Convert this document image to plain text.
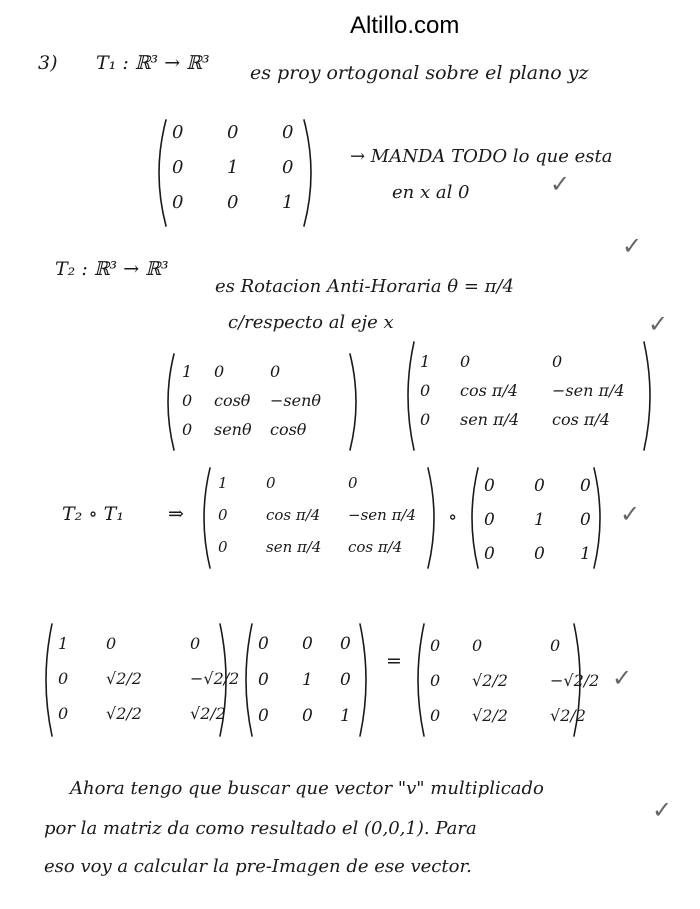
Altillo.com
3) T₁ : ℝ³ → ℝ³ es proy ortogonal sobre el plano yz
0	0	0
0	1	0
0	0	1
→ MANDA TODO lo que esta
en x al 0	✓
✓
T₂ : ℝ³ → ℝ³
es Rotacion Anti-Horaria θ = π/4
c/respecto al eje x	✓
1	0	0
0	cosθ	−senθ
0	senθ	cosθ
1	0	0
0	cos π/4	−sen π/4
0	sen π/4	cos π/4
T₂ ∘ T₁ ⇒
1	0	0
0	cos π/4	−sen π/4
0	sen π/4	cos π/4
∘
0	0	0
0	1	0
0	0	1
✓
1	0	0
0	√2/2	−√2/2
0	√2/2	√2/2
0	0	0
0	1	0
0	0	1
=
0	0	0
0	√2/2	−√2/2
0	√2/2	√2/2
✓
Ahora tengo que buscar que vector "v" multiplicado
por la matriz da como resultado el (0,0,1). Para
eso voy a calcular la pre-Imagen de ese vector.
✓
